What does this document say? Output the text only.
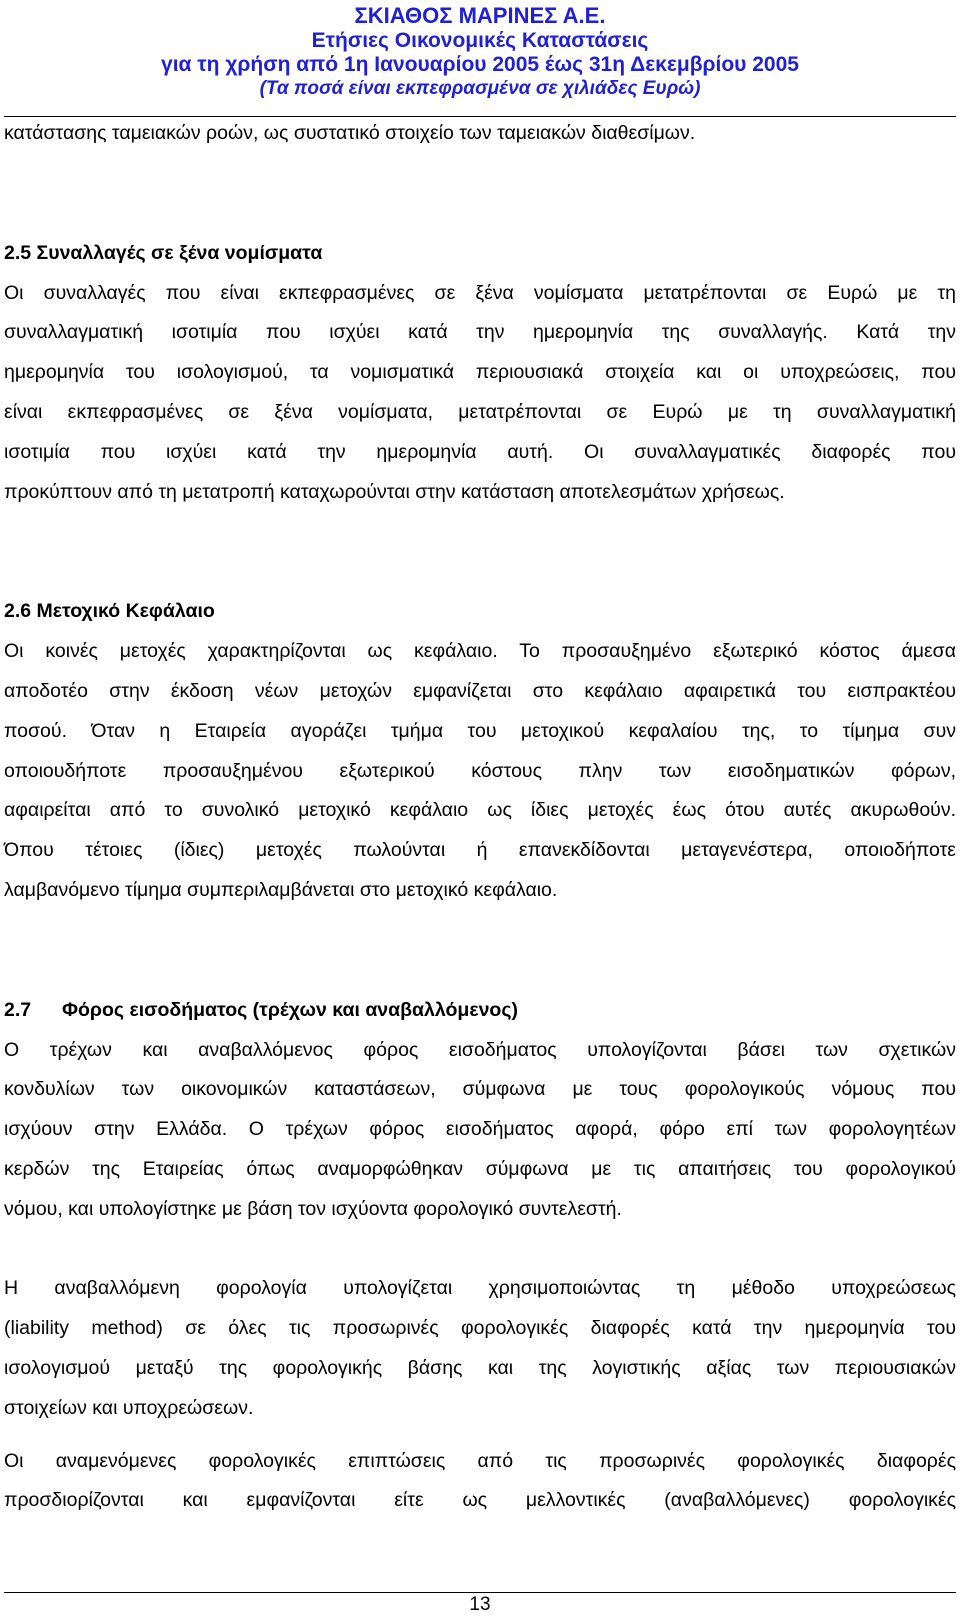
ΣΚΙΑΘΟΣ ΜΑΡΙΝΕΣ Α.Ε.
Ετήσιες Οικονομικές Καταστάσεις
για τη χρήση από 1η Ιανουαρίου 2005 έως 31η Δεκεμβρίου 2005
(Τα ποσά είναι εκπεφρασμένα σε χιλιάδες Ευρώ)

κατάστασης ταμειακών ροών, ως συστατικό στοιχείο των ταμειακών διαθεσίμων.

2.5 Συναλλαγές σε ξένα νομίσματα

Οι συναλλαγές που είναι εκπεφρασμένες σε ξένα νομίσματα μετατρέπονται σε Ευρώ με τη
συναλλαγματική ισοτιμία που ισχύει κατά την ημερομηνία της συναλλαγής. Κατά την
ημερομηνία του ισολογισμού, τα νομισματικά περιουσιακά στοιχεία και οι υποχρεώσεις, που
είναι εκπεφρασμένες σε ξένα νομίσματα, μετατρέπονται σε Ευρώ με τη συναλλαγματική
ισοτιμία που ισχύει κατά την ημερομηνία αυτή. Οι συναλλαγματικές διαφορές που
προκύπτουν από τη μετατροπή καταχωρούνται στην κατάσταση αποτελεσμάτων χρήσεως.

2.6 Μετοχικό Κεφάλαιο

Οι κοινές μετοχές χαρακτηρίζονται ως κεφάλαιο. Το προσαυξημένο εξωτερικό κόστος άμεσα
αποδοτέο στην έκδοση νέων μετοχών εμφανίζεται στο κεφάλαιο αφαιρετικά του εισπρακτέου
ποσού. Όταν η Εταιρεία αγοράζει τμήμα του μετοχικού κεφαλαίου της, το τίμημα συν
οποιουδήποτε προσαυξημένου εξωτερικού κόστους πλην των εισοδηματικών φόρων,
αφαιρείται από το συνολικό μετοχικό κεφάλαιο ως ίδιες μετοχές έως ότου αυτές ακυρωθούν.
Όπου τέτοιες (ίδιες) μετοχές πωλούνται ή επανεκδίδονται μεταγενέστερα, οποιοδήποτε
λαμβανόμενο τίμημα συμπεριλαμβάνεται στο μετοχικό κεφάλαιο.

2.7 Φόρος εισοδήματος (τρέχων και αναβαλλόμενος)

Ο τρέχων και αναβαλλόμενος φόρος εισοδήματος υπολογίζονται βάσει των σχετικών
κονδυλίων των οικονομικών καταστάσεων, σύμφωνα με τους φορολογικούς νόμους που
ισχύουν στην Ελλάδα. Ο τρέχων φόρος εισοδήματος αφορά, φόρο επί των φορολογητέων
κερδών της Εταιρείας όπως αναμορφώθηκαν σύμφωνα με τις απαιτήσεις του φορολογικού
νόμου, και υπολογίστηκε με βάση τον ισχύοντα φορολογικό συντελεστή.

Η αναβαλλόμενη φορολογία υπολογίζεται χρησιμοποιώντας τη μέθοδο υποχρεώσεως
(liability method) σε όλες τις προσωρινές φορολογικές διαφορές κατά την ημερομηνία του
ισολογισμού μεταξύ της φορολογικής βάσης και της λογιστικής αξίας των περιουσιακών
στοιχείων και υποχρεώσεων.

Οι αναμενόμενες φορολογικές επιπτώσεις από τις προσωρινές φορολογικές διαφορές
προσδιορίζονται και εμφανίζονται είτε ως μελλοντικές (αναβαλλόμενες) φορολογικές

13
